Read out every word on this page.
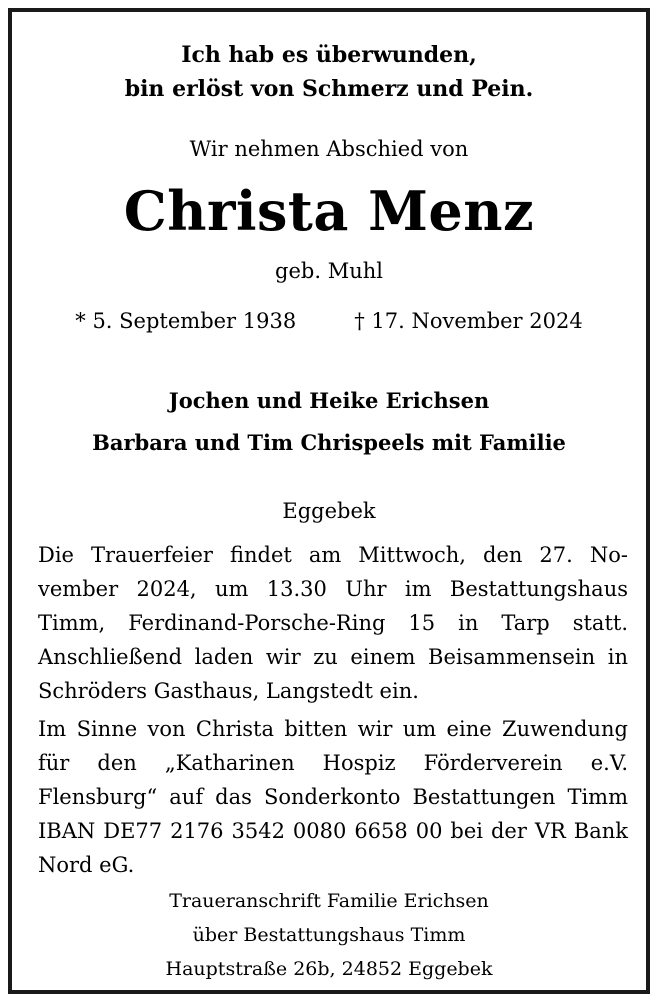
Ich hab es überwunden,
bin erlöst von Schmerz und Pein.
Wir nehmen Abschied von
Christa Menz
geb. Muhl
* 5. September 1938	† 17. November 2024
Jochen und Heike Erichsen
Barbara und Tim Chrispeels mit Familie
Eggebek
Die Trauerfeier findet am Mittwoch, den 27. November 2024, um 13.30 Uhr im Bestattungshaus Timm, Ferdinand-Porsche-Ring 15 in Tarp statt. Anschließend laden wir zu einem Beisammensein in Schröders Gasthaus, Langstedt ein.
Im Sinne von Christa bitten wir um eine Zuwendung für den „Katharinen Hospiz Förderverein e.V. Flensburg“ auf das Sonderkonto Bestattungen Timm IBAN DE77 2176 3542 0080 6658 00 bei der VR Bank Nord eG.
Traueranschrift Familie Erichsen
über Bestattungshaus Timm
Hauptstraße 26b, 24852 Eggebek
